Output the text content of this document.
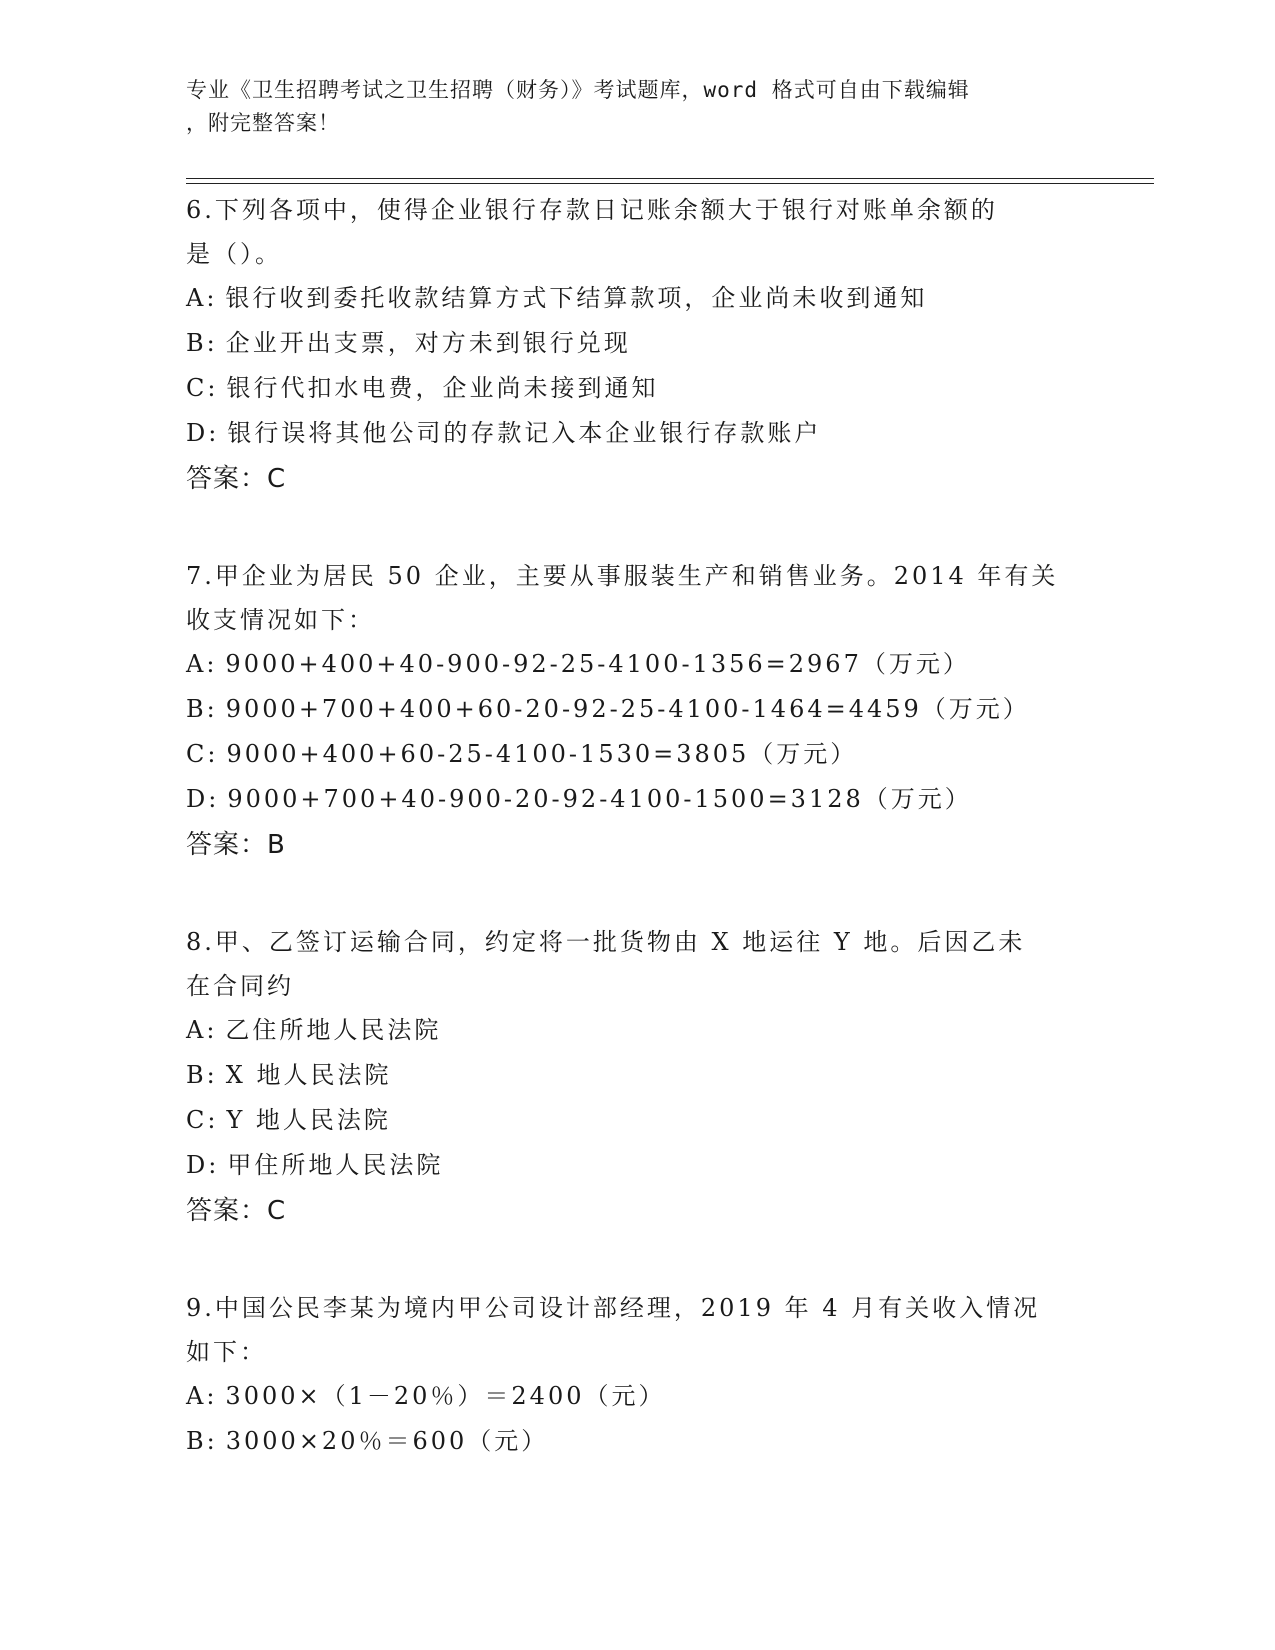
专业《卫生招聘考试之卫生招聘（财务）》考试题库，word 格式可自由下载编辑
，附完整答案！

6.下列各项中，使得企业银行存款日记账余额大于银行对账单余额的

是（）。

A: 银行收到委托收款结算方式下结算款项，企业尚未收到通知

B: 企业开出支票，对方未到银行兑现

C: 银行代扣水电费，企业尚未接到通知

D: 银行误将其他公司的存款记入本企业银行存款账户

答案：C

7.甲企业为居民 50 企业，主要从事服装生产和销售业务。2014 年有关

收支情况如下：

A: 9000+400+40-900-92-25-4100-1356=2967（万元）

B: 9000+700+400+60-20-92-25-4100-1464=4459（万元）

C: 9000+400+60-25-4100-1530=3805（万元）

D: 9000+700+40-900-20-92-4100-1500=3128（万元）

答案：B

8.甲、乙签订运输合同，约定将一批货物由 X 地运往 Y 地。后因乙未

在合同约

A: 乙住所地人民法院

B: X 地人民法院

C: Y 地人民法院

D: 甲住所地人民法院

答案：C

9.中国公民李某为境内甲公司设计部经理，2019 年 4 月有关收入情况

如下：

A: 3000×（1－20％）＝2400（元）

B: 3000×20％＝600（元）
